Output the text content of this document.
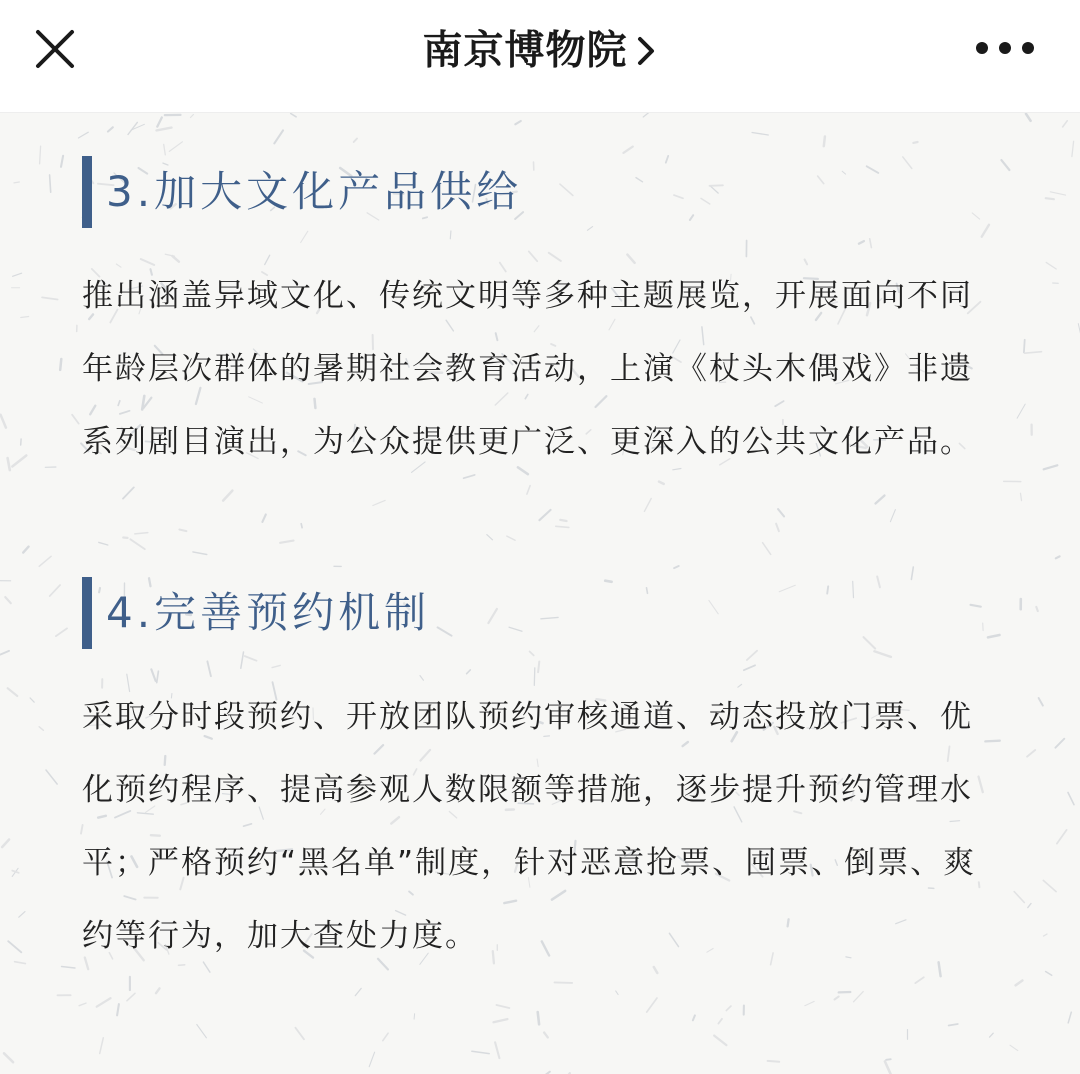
南京博物院
3.加大文化产品供给

推出涵盖异域文化、传统文明等多种主题展览，开展面向不同
年龄层次群体的暑期社会教育活动，上演《杖头木偶戏》非遗
系列剧目演出，为公众提供更广泛、更深入的公共文化产品。

4.完善预约机制

采取分时段预约、开放团队预约审核通道、动态投放门票、优
化预约程序、提高参观人数限额等措施，逐步提升预约管理水
平；严格预约“黑名单”制度，针对恶意抢票、囤票、倒票、爽
约等行为，加大查处力度。
